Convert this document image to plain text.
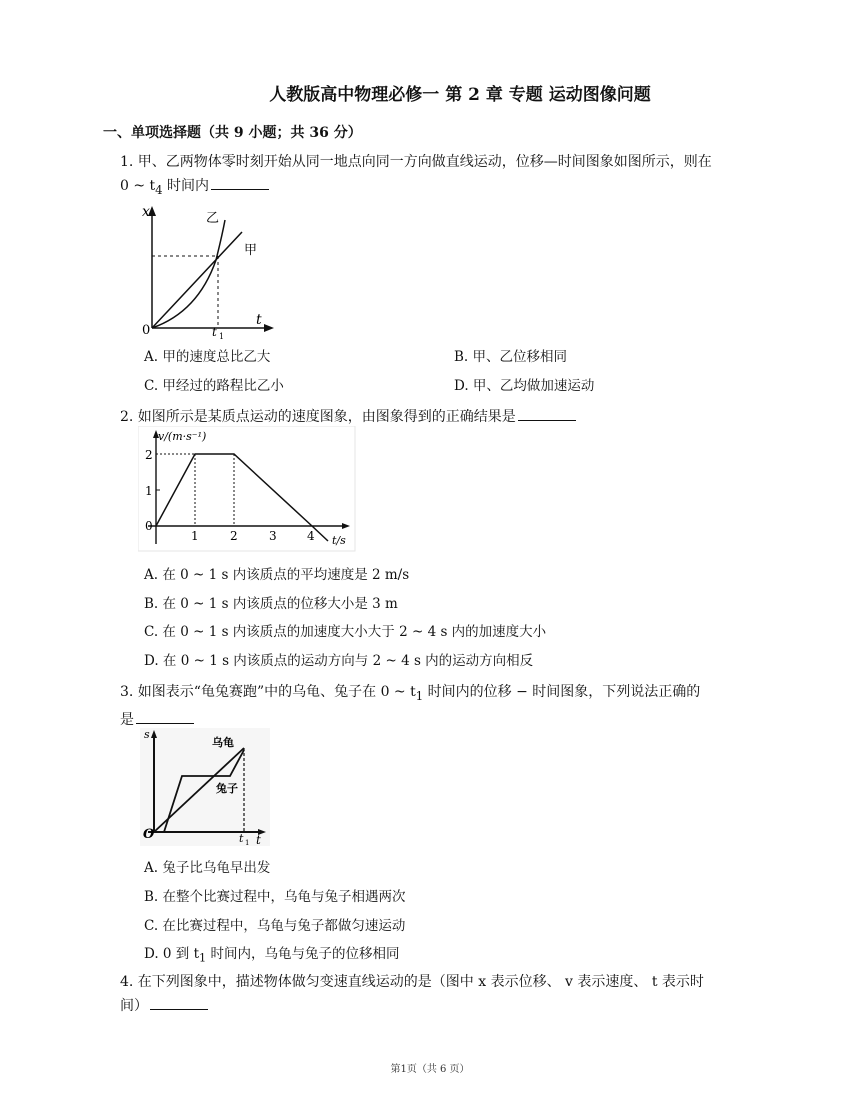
人教版高中物理必修一 第 2 章 专题 运动图像问题
一、单项选择题（共 9 小题；共 36 分）
1. 甲、乙两物体零时刻开始从同一地点向同一方向做直线运动，位移—时间图象如图所示，则在
0 ~ $t_4$ 时间内
x
t
0	t 1
乙
甲
A. 甲的速度总比乙大	B. 甲、乙位移相同
C. 甲经过的路程比乙小	D. 甲、乙均做加速运动
2. 如图所示是某质点运动的速度图象，由图象得到的正确结果是
v/(m·s⁻¹)
t/s
2
1
0
1	2	3	4
A. 在 0 ~ 1 s 内该质点的平均速度是 2 m/s
B. 在 0 ~ 1 s 内该质点的位移大小是 3 m
C. 在 0 ~ 1 s 内该质点的加速度大小大于 2 ~ 4 s 内的加速度大小
D. 在 0 ~ 1 s 内该质点的运动方向与 2 ~ 4 s 内的运动方向相反
3. 如图表示“龟兔赛跑”中的乌龟、兔子在 0 ~ $t_1$ 时间内的位移 − 时间图象，下列说法正确的
是
s
t
O	t 1
乌龟
兔子
A. 兔子比乌龟早出发
B. 在整个比赛过程中，乌龟与兔子相遇两次
C. 在比赛过程中，乌龟与兔子都做匀速运动
D. 0 到 $t_1$ 时间内，乌龟与兔子的位移相同
4. 在下列图象中，描述物体做匀变速直线运动的是（图中 x 表示位移、 v 表示速度、 t 表示时
间）
第1页（共 6 页）
